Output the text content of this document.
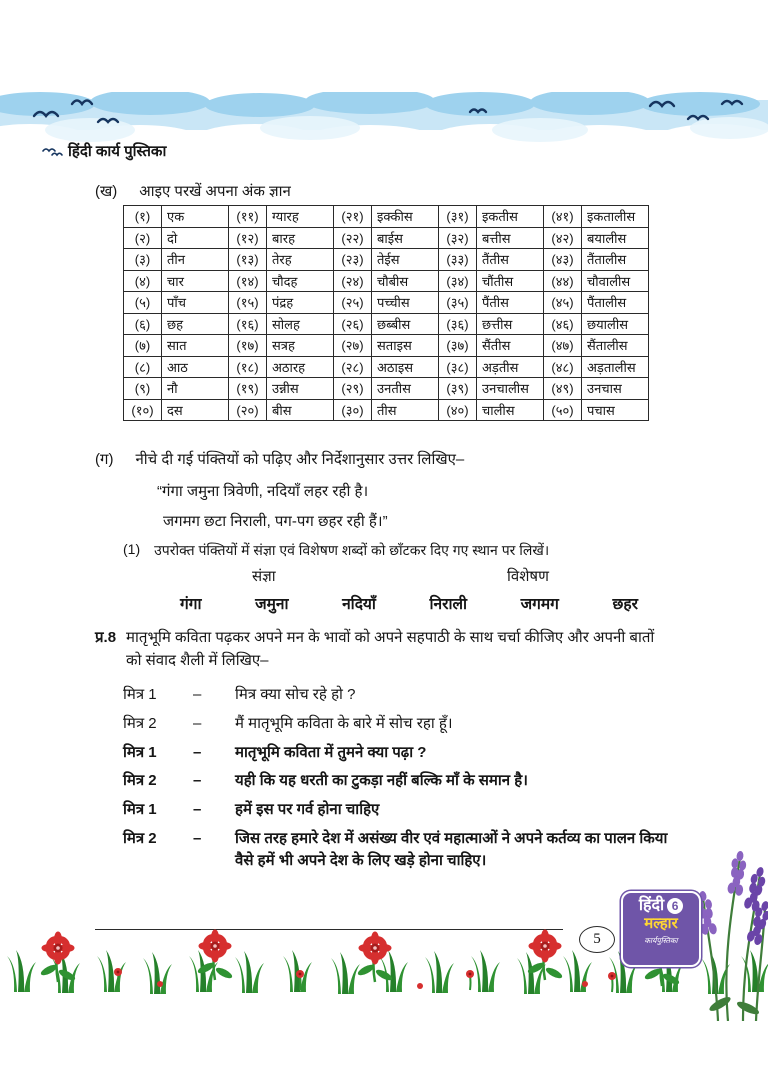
हिंदी कार्य पुस्तिका
(ख) आइए परखें अपना अंक ज्ञान
(१)	एक	(११)	ग्यारह	(२१)	इक्कीस	(३१)	इकतीस	(४१)	इकतालीस
(२)	दो	(१२)	बारह	(२२)	बाईस	(३२)	बत्तीस	(४२)	बयालीस
(३)	तीन	(१३)	तेरह	(२३)	तेईस	(३३)	तैंतीस	(४३)	तैंतालीस
(४)	चार	(१४)	चौदह	(२४)	चौबीस	(३४)	चौंतीस	(४४)	चौवालीस
(५)	पाँच	(१५)	पंद्रह	(२५)	पच्चीस	(३५)	पैंतीस	(४५)	पैंतालीस
(६)	छह	(१६)	सोलह	(२६)	छब्बीस	(३६)	छत्तीस	(४६)	छयालीस
(७)	सात	(१७)	सत्रह	(२७)	सताइस	(३७)	सैंतीस	(४७)	सैंतालीस
(८)	आठ	(१८)	अठारह	(२८)	अठाइस	(३८)	अड़तीस	(४८)	अड़तालीस
(९)	नौ	(१९)	उन्नीस	(२९)	उनतीस	(३९)	उनचालीस	(४९)	उनचास
(१०)	दस	(२०)	बीस	(३०)	तीस	(४०)	चालीस	(५०)	पचास
(ग) नीचे दी गई पंक्तियों को पढ़िए और निर्देशानुसार उत्तर लिखिए–
“गंगा जमुना त्रिवेणी, नदियाँ लहर रही है।
जगमग छटा निराली, पग-पग छहर रही हैं।”
(1) उपरोक्त पंक्तियों में संज्ञा एवं विशेषण शब्दों को छाँटकर दिए गए स्थान पर लिखें।
संज्ञा	विशेषण
गंगा	जमुना	नदियाँ	निराली	जगमग	छहर
प्र.8 मातृभूमि कविता पढ़कर अपने मन के भावों को अपने सहपाठी के साथ चर्चा कीजिए और अपनी बातों को संवाद शैली में लिखिए–
मित्र 1	–	मित्र क्या सोच रहे हो ?
मित्र 2	–	मैं मातृभूमि कविता के बारे में सोच रहा हूँ।
मित्र 1	–	मातृभूमि कविता में तुमने क्या पढ़ा ?
मित्र 2	–	यही कि यह धरती का टुकड़ा नहीं बल्कि माँ के समान है।
मित्र 1	–	हमें इस पर गर्व होना चाहिए
मित्र 2	–	जिस तरह हमारे देश में असंख्य वीर एवं महात्माओं ने अपने कर्तव्य का पालन किया वैसे हमें भी अपने देश के लिए खड़े होना चाहिए।
5
हिंदी 6
मल्हार
कार्यपुस्तिका
